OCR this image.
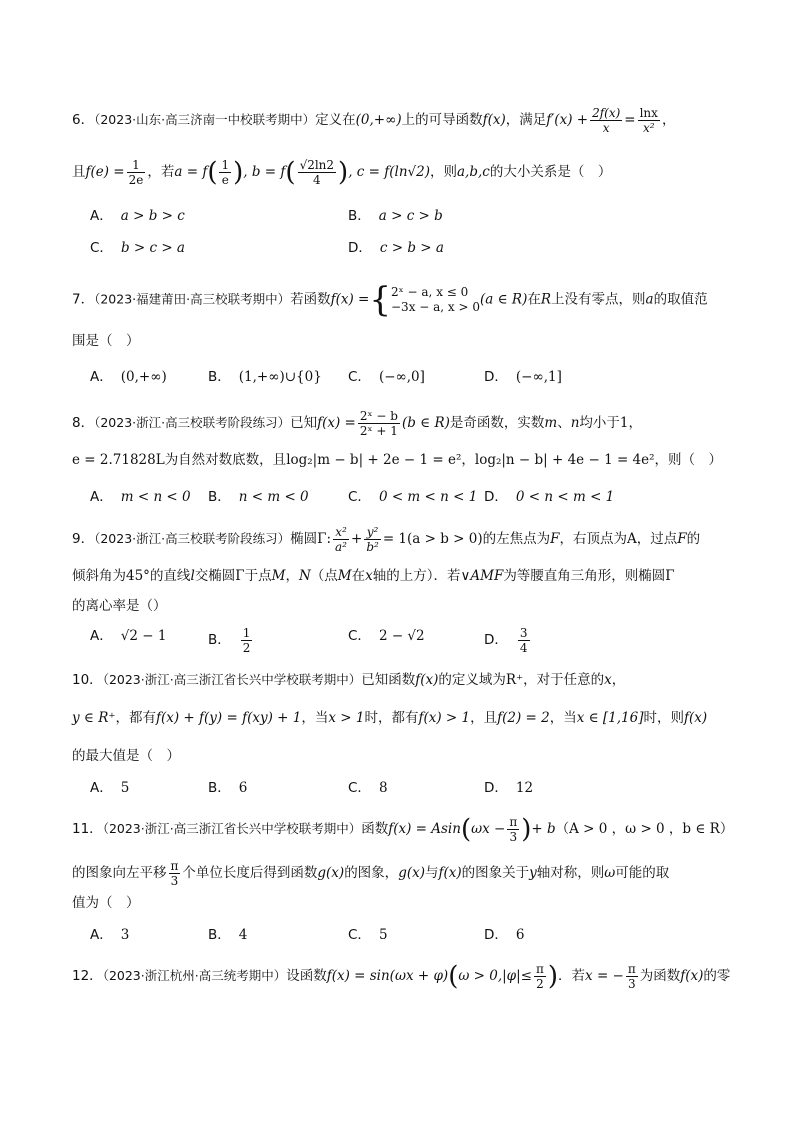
6．（2023·山东·高三济南一中校联考期中）定义在(0,+∞)上的可导函数f(x)，满足$f'(x) + \frac{2f(x)}{x} = \frac{\ln x}{\text{x²}}$ ，
且$f(e) = \frac{1}{2e}$ ，若$a = f( \frac{1}{e}$ ), $b = f( \frac{√2\ln 2}{4}$ ), c = f(ln√2)，则a,b,c的大小关系是（　）
A． a > b > c	B． a > c > b
C． b > c > a	D． c > b > a
7．（2023·福建莆田·高三校联考期中）若函数f(x) ={ 2ˣ − a, x ≤ 0
−3x − a, x > 0 (a ∈ R)在R上没有零点，则a的取值范
围是（　）
A． (0,+∞)	B． (1,+∞)∪{0} C． (−∞,0]	D． (−∞,1]
8．（2023·浙江·高三校联考阶段练习）已知$f(x) = \frac{\text{2ˣ − b}}{\text{2ˣ + 1}} (b$ ∈ R)是奇函数，实数m、n均小于1，
e = 2.71828L为自然对数底数，且log₂|m − b| + 2e − 1 = e²，log₂|n − b| + 4e − 1 = 4e²，则（　）
A． m < n < 0 B． n < m < 0	C． 0 < m < n < 1 D． 0 < n < m < 1
9．（2023·浙江·高三校联考阶段练习）椭圆Γ: $\frac{\text{x²}}{\text{a²}} + \frac{\text{y²}}{\text{b²}} = 1(a > b > 0)$的左焦点为F，右顶点为A，过点F的
倾斜角为45°的直线l交椭圆Γ于点M，N（点M在x轴的上方）．若∨AMF为等腰直角三角形，则椭圆Γ
的离心率是（）
A． √2 − 1	B． $\frac{1}{2}$	C． 2 − √2	D． $\frac{3}{4}$
10．（2023·浙江·高三浙江省长兴中学校联考期中）已知函数f(x)的定义域为R⁺，对于任意的x，
y ∈ R⁺，都有f(x) + f(y) = f(xy) + 1，当x > 1时，都有f(x) > 1，且f(2) = 2，当x ∈ [1,16]时，则f(x)
的最大值是（　）
A． 5	B． 6	C． 8	D． 12
11．（2023·浙江·高三浙江省长兴中学校联考期中）函数$f(x) = Asin(\omega x - \frac{\pi}{3}$ )+ b（A > 0 ，ω > 0 ，b ∈ R）
的图象向左平移 $\frac{\pi}{3}$ 个单位长度后得到函数g(x)的图象，g(x)与f(x)的图象关于y轴对称，则ω可能的取
值为（　）
A． 3	B． 4	C． 5	D． 6
12．（2023·浙江杭州·高三统考期中）设函数$f(x) = \sin(\omega x + \varphi)(\omega > 0,|\varphi|\le \frac{\pi}{2}$ )．若x = − $\frac{\pi}{3}$ 为函数f(x)的零
